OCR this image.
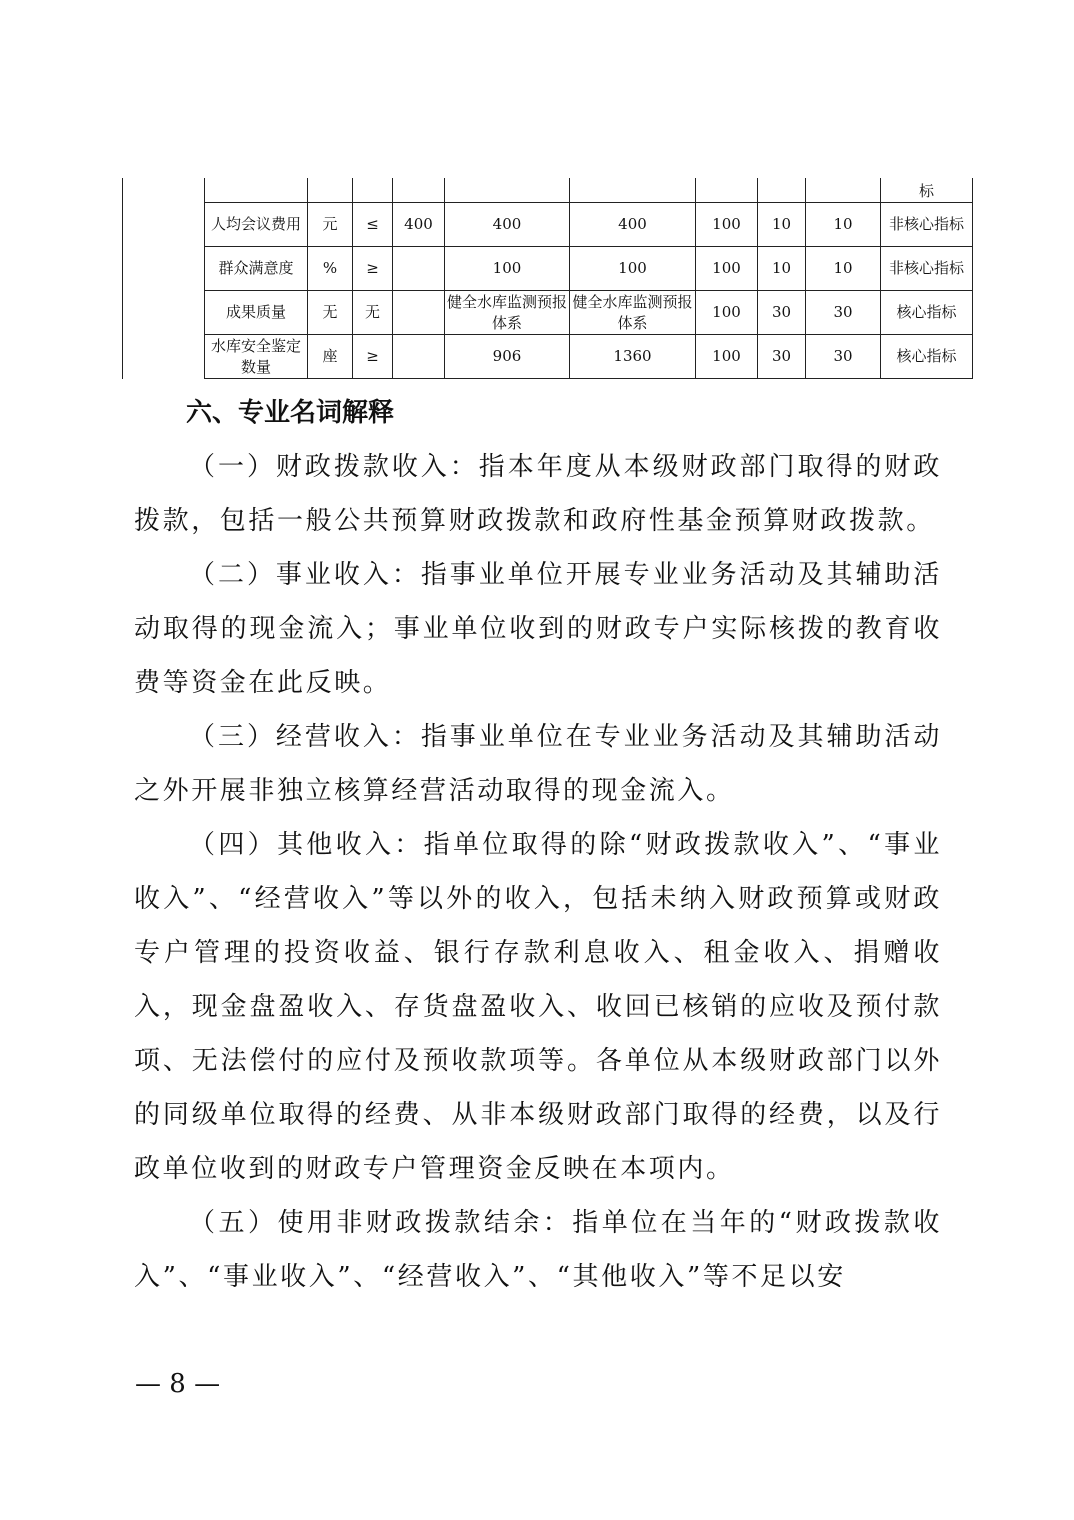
										标
	人均会议费用	元	≤	400	400	400	100	10	10	非核心指标
	群众满意度	%	≥		100	100	100	10	10	非核心指标
	成果质量	无	无		健全水库监测预报体系	健全水库监测预报体系	100	30	30	核心指标
	水库安全鉴定数量	座	≥		906	1360	100	30	30	核心指标
六、专业名词解释

（一）财政拨款收入：指本年度从本级财政部门取得的财政拨款，包括一般公共预算财政拨款和政府性基金预算财政拨款。

（二）事业收入：指事业单位开展专业业务活动及其辅助活动取得的现金流入；事业单位收到的财政专户实际核拨的教育收费等资金在此反映。

（三）经营收入：指事业单位在专业业务活动及其辅助活动之外开展非独立核算经营活动取得的现金流入。

（四）其他收入：指单位取得的除“财政拨款收入”、“事业收入”、“经营收入”等以外的收入，包括未纳入财政预算或财政专户管理的投资收益、银行存款利息收入、租金收入、捐赠收入，现金盘盈收入、存货盘盈收入、收回已核销的应收及预付款项、无法偿付的应付及预收款项等。各单位从本级财政部门以外的同级单位取得的经费、从非本级财政部门取得的经费，以及行政单位收到的财政专户管理资金反映在本项内。

（五）使用非财政拨款结余：指单位在当年的“财政拨款收入”、“事业收入”、“经营收入”、“其他收入”等不足以安

— 8 —
